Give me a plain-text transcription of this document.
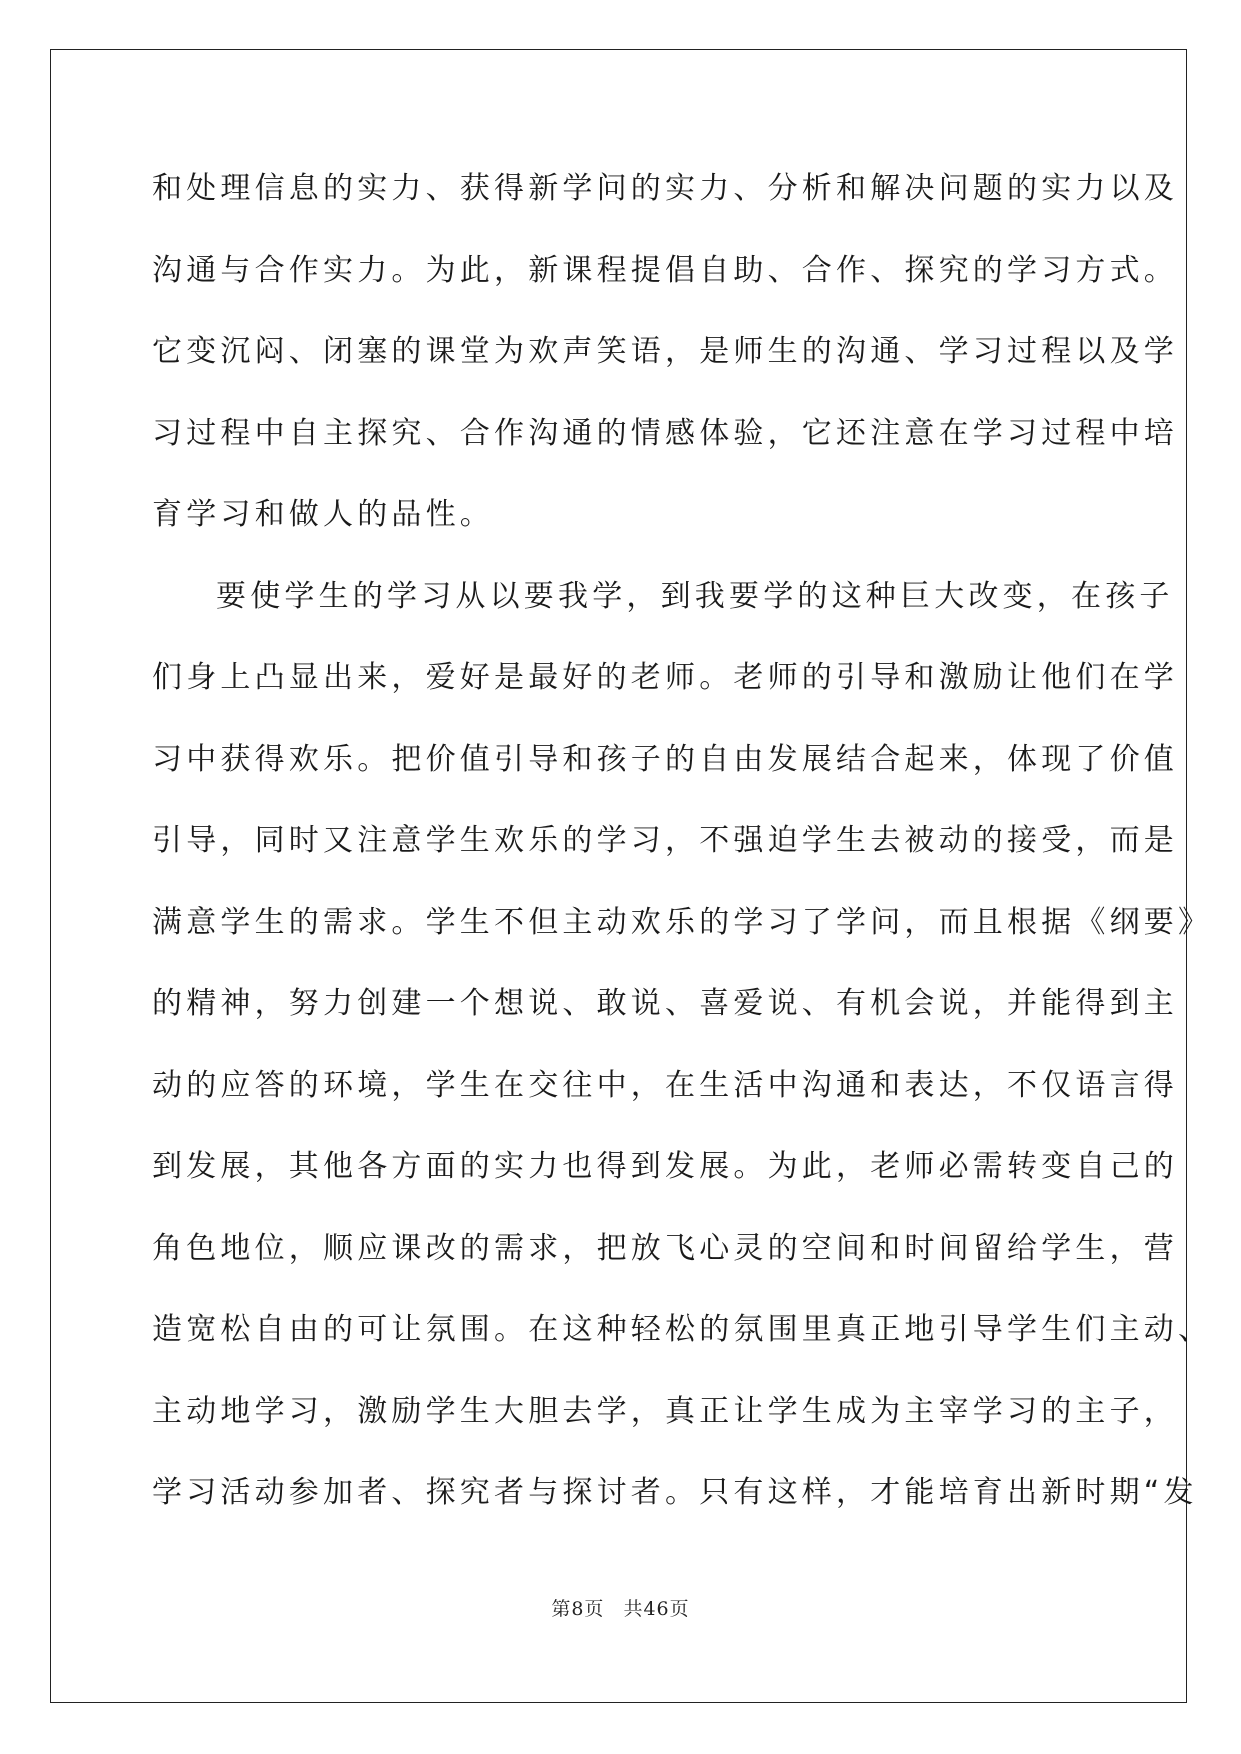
和处理信息的实力、获得新学问的实力、分析和解决问题的实力以及
沟通与合作实力。为此，新课程提倡自助、合作、探究的学习方式。
它变沉闷、闭塞的课堂为欢声笑语，是师生的沟通、学习过程以及学
习过程中自主探究、合作沟通的情感体验，它还注意在学习过程中培
育学习和做人的品性。
要使学生的学习从以要我学，到我要学的这种巨大改变，在孩子
们身上凸显出来，爱好是最好的老师。老师的引导和激励让他们在学
习中获得欢乐。把价值引导和孩子的自由发展结合起来，体现了价值
引导，同时又注意学生欢乐的学习，不强迫学生去被动的接受，而是
满意学生的需求。学生不但主动欢乐的学习了学问，而且根据《纲要》
的精神，努力创建一个想说、敢说、喜爱说、有机会说，并能得到主
动的应答的环境，学生在交往中，在生活中沟通和表达，不仅语言得
到发展，其他各方面的实力也得到发展。为此，老师必需转变自己的
角色地位，顺应课改的需求，把放飞心灵的空间和时间留给学生，营
造宽松自由的可让氛围。在这种轻松的氛围里真正地引导学生们主动、
主动地学习，激励学生大胆去学，真正让学生成为主宰学习的主子，
学习活动参加者、探究者与探讨者。只有这样，才能培育出新时期“发
第8页 共46页
